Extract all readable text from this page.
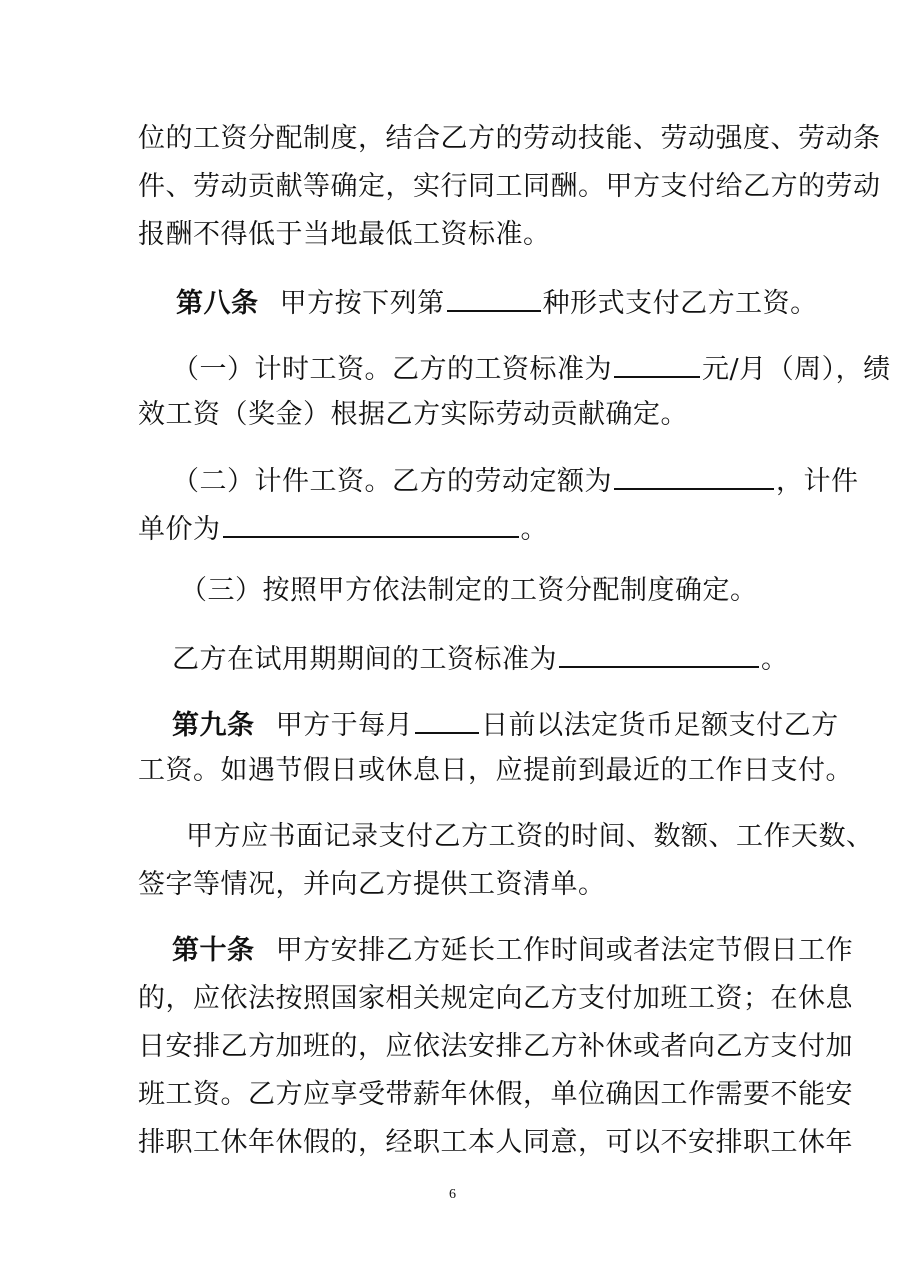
位的工资分配制度，结合乙方的劳动技能、劳动强度、劳动条
件、劳动贡献等确定，实行同工同酬。甲方支付给乙方的劳动
报酬不得低于当地最低工资标准。
第八条 甲方按下列第	种形式支付乙方工资。
（一）计时工资。乙方的工资标准为	元/月（周），绩
效工资（奖金）根据乙方实际劳动贡献确定。
（二）计件工资。乙方的劳动定额为	，计件
单价为	。
（三）按照甲方依法制定的工资分配制度确定。
乙方在试用期期间的工资标准为	。
第九条 甲方于每月	日前以法定货币足额支付乙方
工资。如遇节假日或休息日，应提前到最近的工作日支付。
甲方应书面记录支付乙方工资的时间、数额、工作天数、
签字等情况，并向乙方提供工资清单。
第十条 甲方安排乙方延长工作时间或者法定节假日工作
的，应依法按照国家相关规定向乙方支付加班工资；在休息
日安排乙方加班的，应依法安排乙方补休或者向乙方支付加
班工资。乙方应享受带薪年休假，单位确因工作需要不能安
排职工休年休假的，经职工本人同意，可以不安排职工休年
6
